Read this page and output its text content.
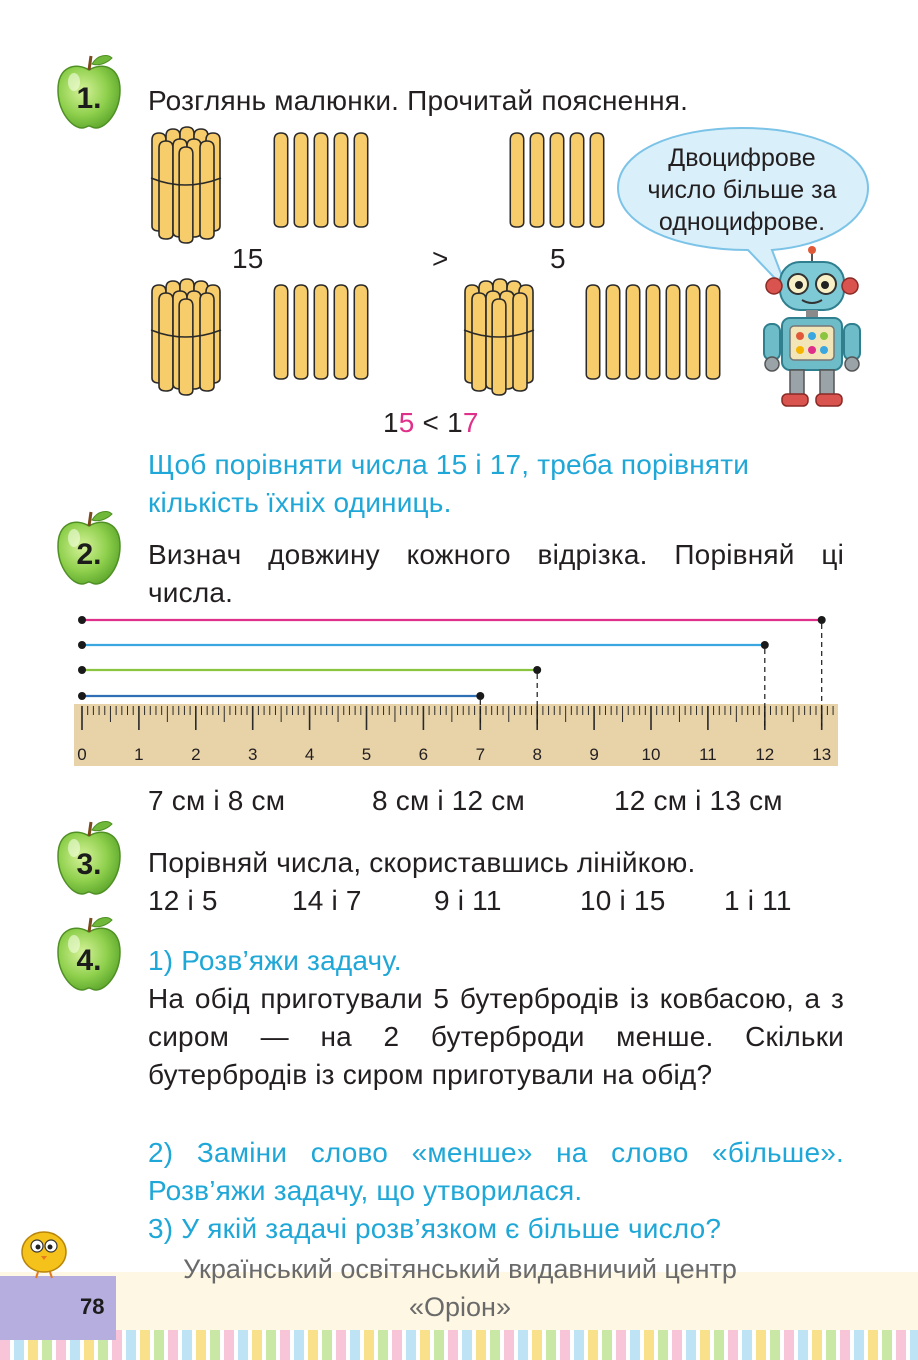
1.	Розглянь малюнки. Прочитай пояснення.
15	>	5
Двоцифрове
число більше за
одноцифрове.
15 < 17
Щоб порівняти числа 15 і 17, треба порівняти кількість їхніх одиниць.
2.	Визнач довжину кожного відрізка. Порівняй ці числа.
0	1	2	3	4	5	6	7	8	9	10 11 12 13
7 см і 8 см	8 см і 12 см	12 см і 13 см
3.	Порівняй числа, скориставшись лінійкою.
12 і 5	14 і 7	9 і 11	10 і 15 1 і 11
4.	1) Розв’яжи задачу.
На обід приготували 5 бутербродів із ковбасою, а з сиром — на 2 бутерброди менше. Скільки бутербродів із сиром приготували на обід?
2) Заміни слово «менше» на слово «більше». Розв’яжи задачу, що утворилася.
3) У якій задачі розв’язком є більше число?
78
Український освітянський видавничий центр
«Оріон»
